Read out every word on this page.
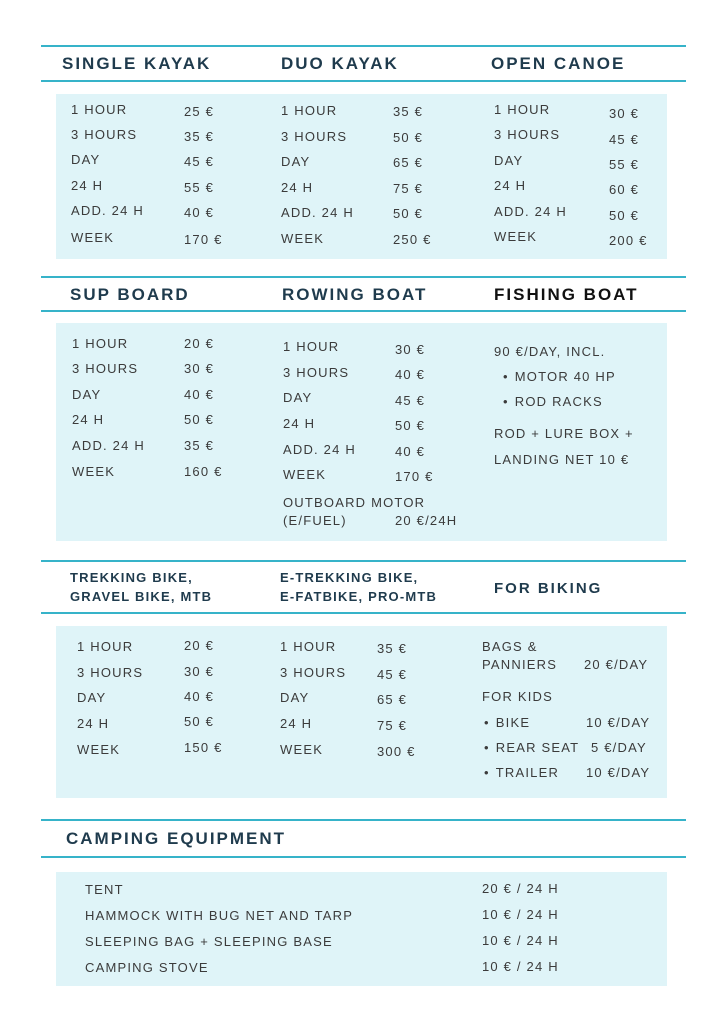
SINGLE KAYAK	DUO KAYAK	OPEN CANOE
1 HOUR	25 €
3 HOURS	35 €
DAY	45 €
24 H	55 €
ADD. 24 H	40 €
WEEK	170 €
1 HOUR	35 €
3 HOURS	50 €
DAY	65 €
24 H	75 €
ADD. 24 H	50 €
WEEK	250 €
1 HOUR	30 €
3 HOURS	45 €
DAY	55 €
24 H	60 €
ADD. 24 H	50 €
WEEK	200 €
SUP BOARD	ROWING BOAT	FISHING BOAT
1 HOUR	20 €
3 HOURS	30 €
DAY	40 €
24 H	50 €
ADD. 24 H	35 €
WEEK	160 €
1 HOUR	30 €
3 HOURS	40 €
DAY	45 €
24 H	50 €
ADD. 24 H	40 €
WEEK	170 €
OUTBOARD MOTOR
(E/FUEL)	20 €/24H
90 €/DAY, INCL.
• MOTOR 40 HP
• ROD RACKS
ROD + LURE BOX +
LANDING NET 10 €
TREKKING BIKE,
GRAVEL BIKE, MTB
E-TREKKING BIKE,
E-FATBIKE, PRO-MTB	FOR BIKING
1 HOUR	20 €
3 HOURS	30 €
DAY	40 €
24 H	50 €
WEEK	150 €
1 HOUR	35 €
3 HOURS 45 €
DAY	65 €
24 H	75 €
WEEK	300 €
BAGS &
PANNIERS 20 €/DAY
FOR KIDS
• BIKE	10 €/DAY
• REAR SEAT 5 €/DAY
• TRAILER 10 €/DAY
CAMPING EQUIPMENT
TENT	20 € / 24 H
HAMMOCK WITH BUG NET AND TARP	10 € / 24 H
SLEEPING BAG + SLEEPING BASE	10 € / 24 H
CAMPING STOVE	10 € / 24 H
